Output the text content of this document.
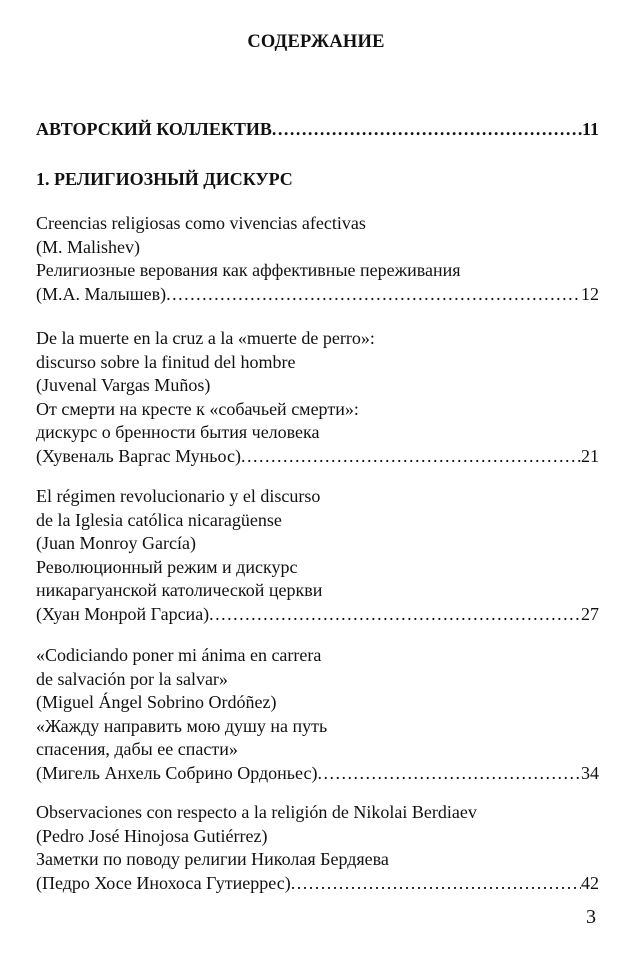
СОДЕРЖАНИЕ
АВТОРСКИЙ КОЛЛЕКТИВ .....	11
1. РЕЛИГИОЗНЫЙ ДИСКУРС
Creencias religiosas como vivencias afectivas
(M. Malishev)
Религиозные верования как аффективные переживания
(М.А. Малышев) .....	12
De la muerte en la cruz a la «muerte de perro»:
discurso sobre la finitud del hombre
(Juvenal Vargas Muños)
От смерти на кресте к «собачьей смерти»:
дискурс о бренности бытия человека
(Хувеналь Варгас Муньос) .....	21
El régimen revolucionario y el discurso
de la Iglesia católica nicaragüense
(Juan Monroy García)
Революционный режим и дискурс
никарагуанской католической церкви
(Хуан Монрой Гарсиа) .....	27
«Codiciando poner mi ánima en carrera
de salvación por la salvar»
(Miguel Ángel Sobrino Ordóñez)
«Жажду направить мою душу на путь
спасения, дабы ее спасти»
(Мигель Анхель Собрино Ордоньес) .....	34
Observaciones con respecto a la religión de Nikolai Berdiaev
(Pedro José Hinojosa Gutiérrez)
Заметки по поводу религии Николая Бердяева
(Педро Хосе Инохоса Гутиеррес) .....	42
3
